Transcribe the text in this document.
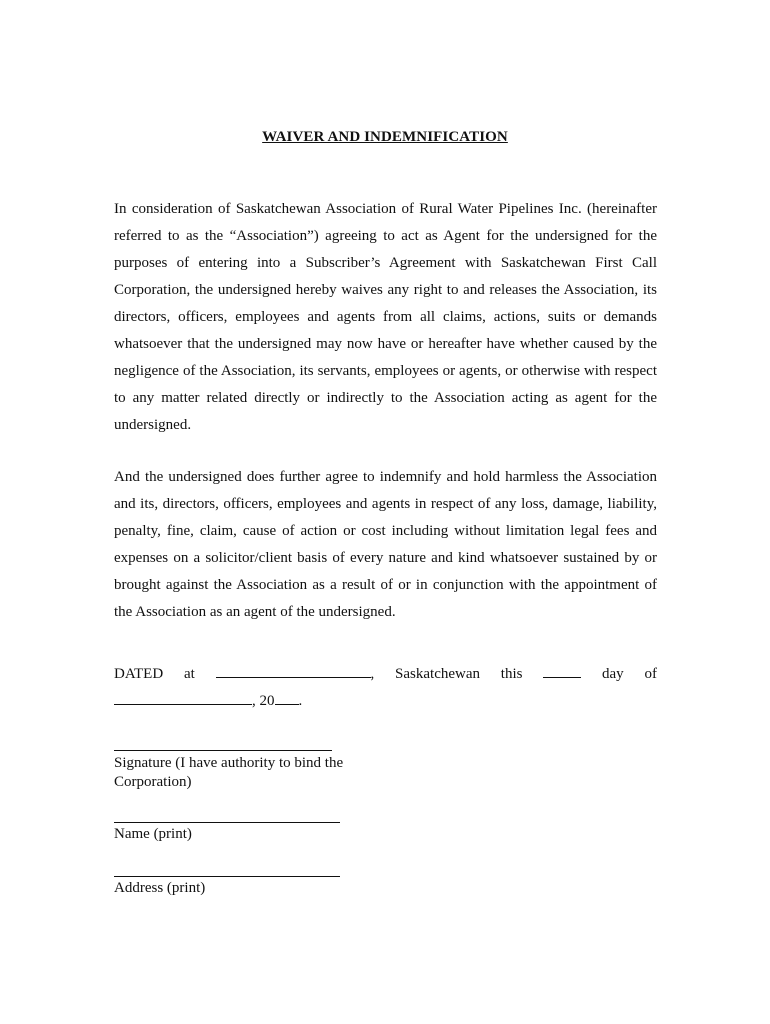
WAIVER AND INDEMNIFICATION
In consideration of Saskatchewan Association of Rural Water Pipelines Inc. (hereinafter referred to as the “Association”) agreeing to act as Agent for the undersigned for the purposes of entering into a Subscriber’s Agreement with Saskatchewan First Call Corporation, the undersigned hereby waives any right to and releases the Association, its directors, officers, employees and agents from all claims, actions, suits or demands whatsoever that the undersigned may now have or hereafter have whether caused by the negligence of the Association, its servants, employees or agents, or otherwise with respect to any matter related directly or indirectly to the Association acting as agent for the undersigned.
And the undersigned does further agree to indemnify and hold harmless the Association and its, directors, officers, employees and agents in respect of any loss, damage, liability, penalty, fine, claim, cause of action or cost including without limitation legal fees and expenses on a solicitor/client basis of every nature and kind whatsoever sustained by or brought against the Association as a result of or in conjunction with the appointment of the Association as an agent of the undersigned.
DATED at	, Saskatchewan this	day of
, 20 .
Signature (I have authority to bind the Corporation)
Name (print)
Address (print)
